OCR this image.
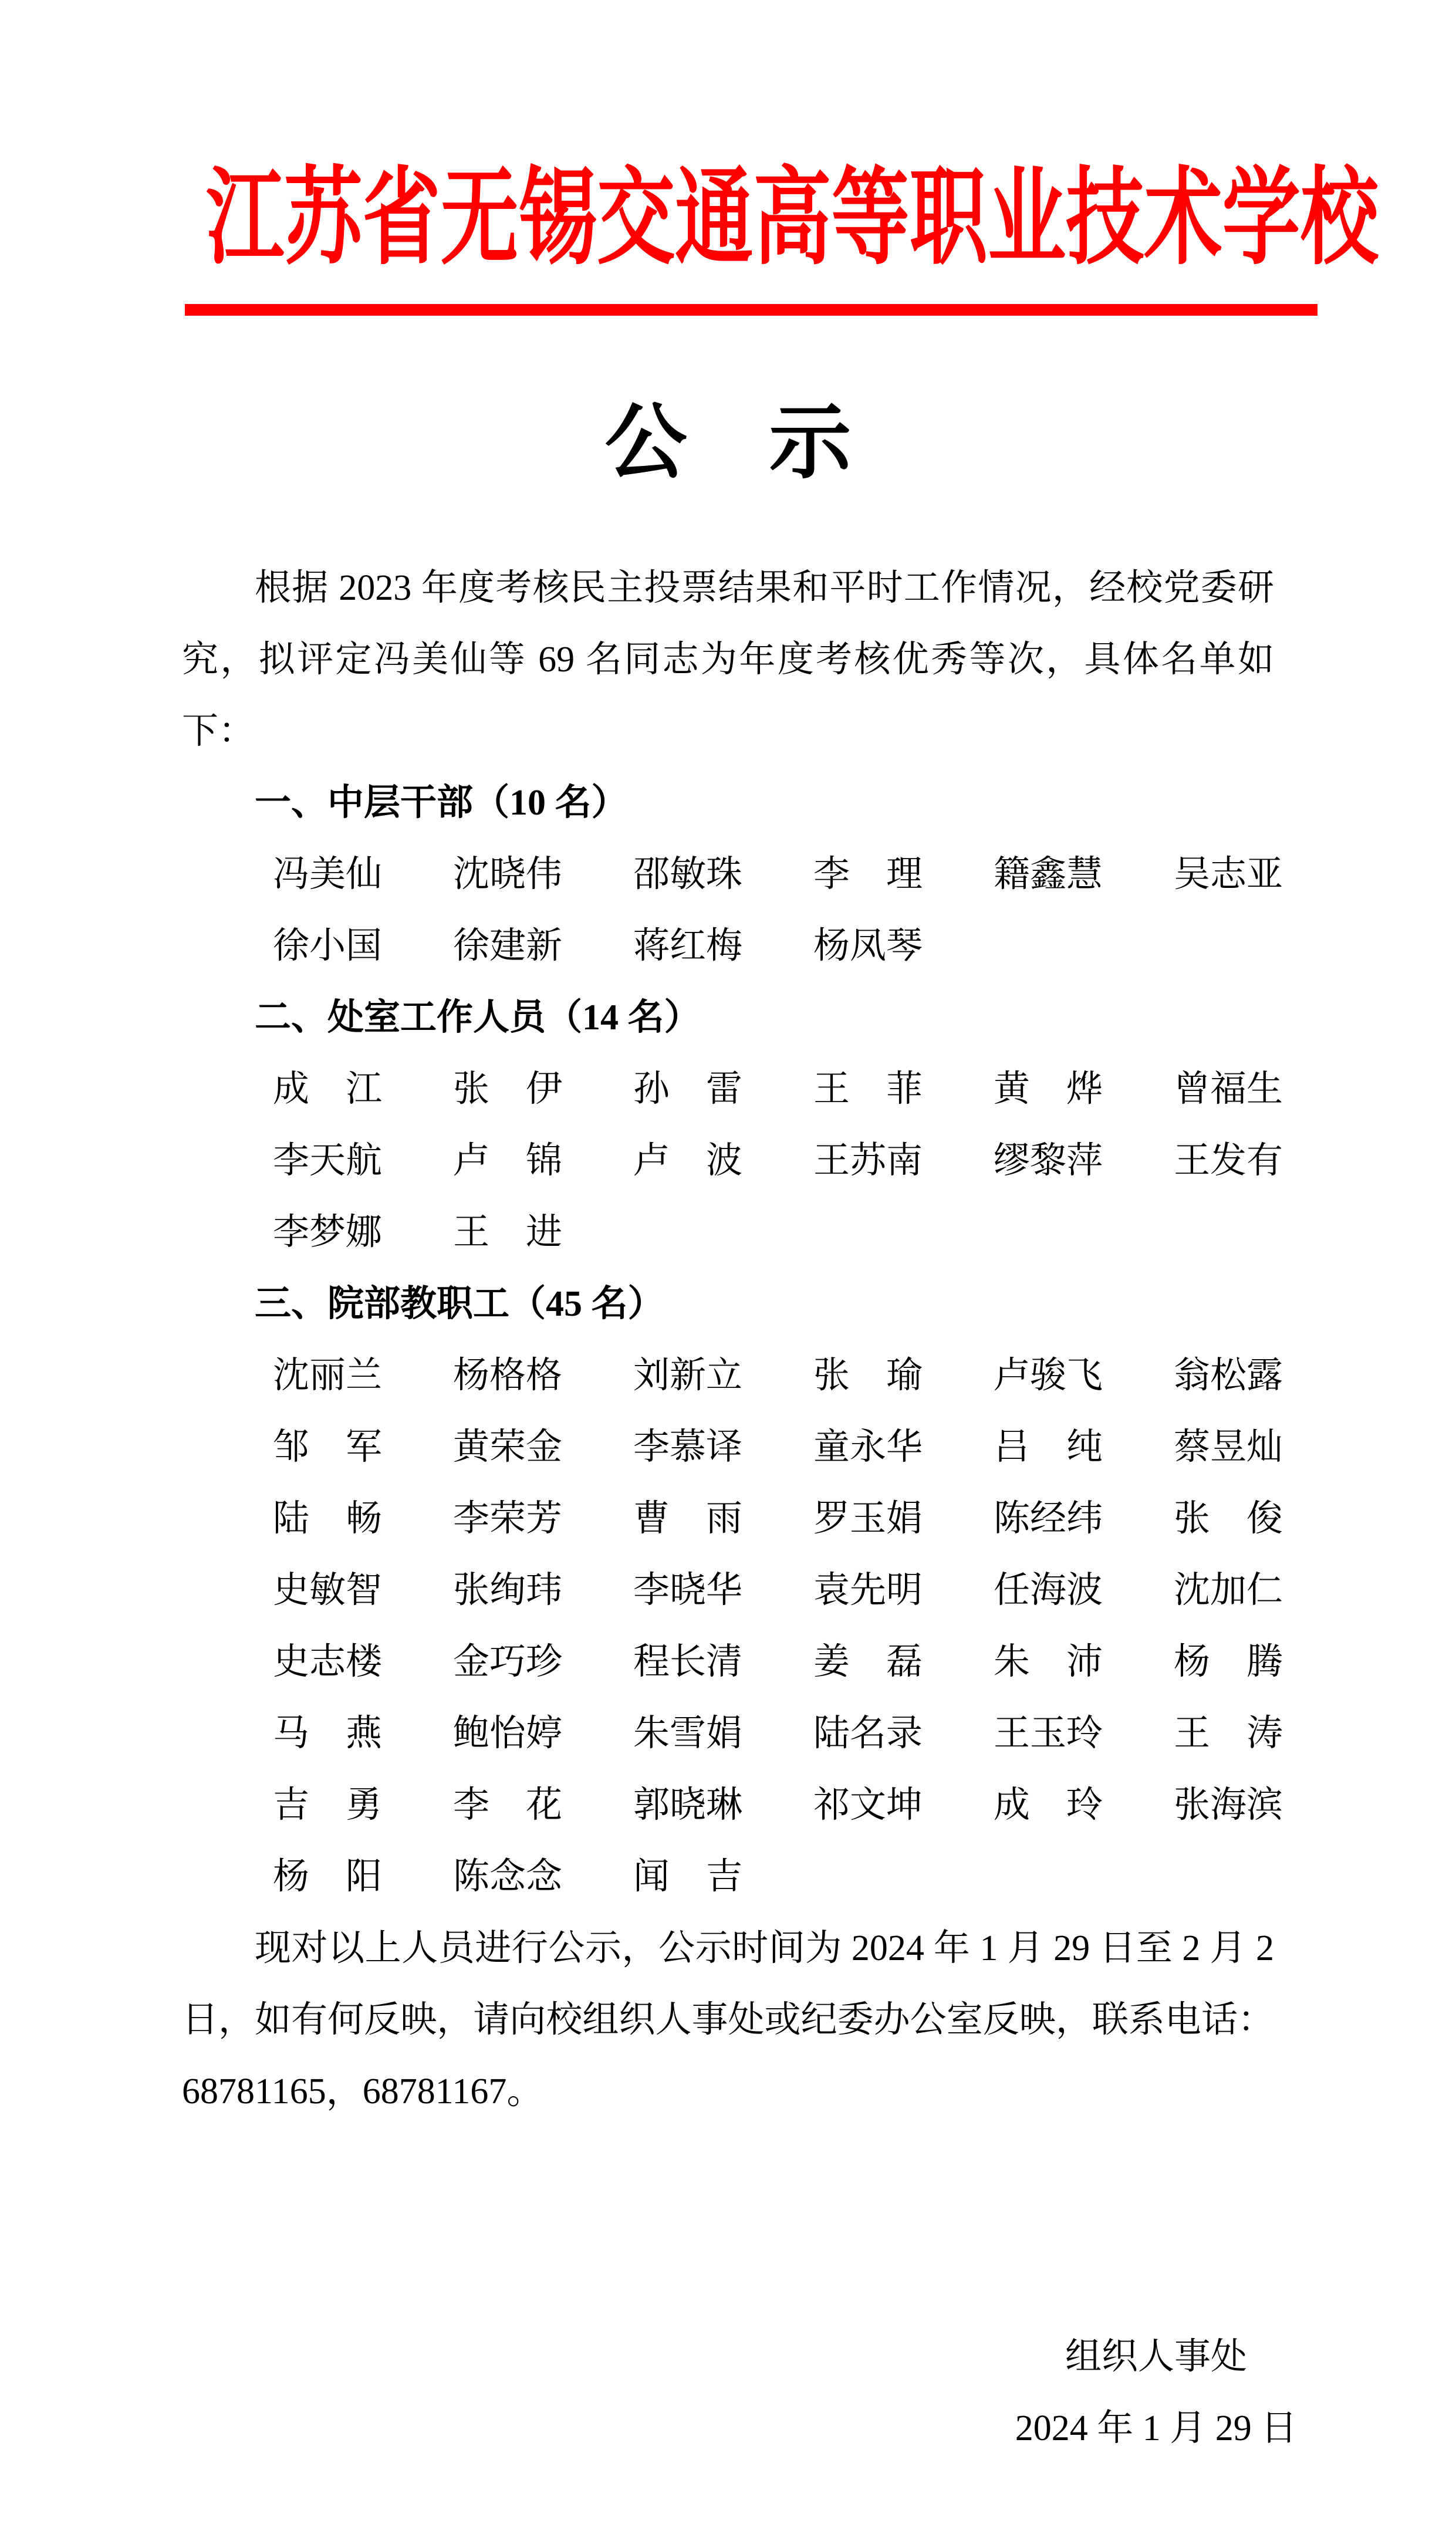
江苏省无锡交通高等职业技术学校
公　示

根据 2023 年度考核民主投票结果和平时工作情况，经校党委研究，拟评定冯美仙等 69 名同志为年度考核优秀等次，具体名单如下：

一、中层干部（10 名）

冯美仙	沈晓伟	邵敏珠	李　理	籍鑫慧	吴志亚
徐小国	徐建新	蒋红梅	杨凤琴

二、处室工作人员（14 名）

成　江	张　伊	孙　雷	王　菲	黄　烨	曾福生
李天航	卢　锦	卢　波	王苏南	缪黎萍	王发有
李梦娜	王　进

三、院部教职工（45 名）

沈丽兰	杨格格	刘新立	张　瑜	卢骏飞	翁松露
邹　军	黄荣金	李慕译	童永华	吕　纯	蔡昱灿
陆　畅	李荣芳	曹　雨	罗玉娟	陈经纬	张　俊
史敏智	张绚玮	李晓华	袁先明	任海波	沈加仁
史志楼	金巧珍	程长清	姜　磊	朱　沛	杨　腾
马　燕	鲍怡婷	朱雪娟	陆名录	王玉玲	王　涛
吉　勇	李　花	郭晓琳	祁文坤	成　玲	张海滨
杨　阳	陈念念	闻　吉

现对以上人员进行公示，公示时间为 2024 年 1 月 29 日至 2 月 2 日，如有何反映，请向校组织人事处或纪委办公室反映，联系电话：68781165，68781167。

组织人事处

2024 年 1 月 29 日
